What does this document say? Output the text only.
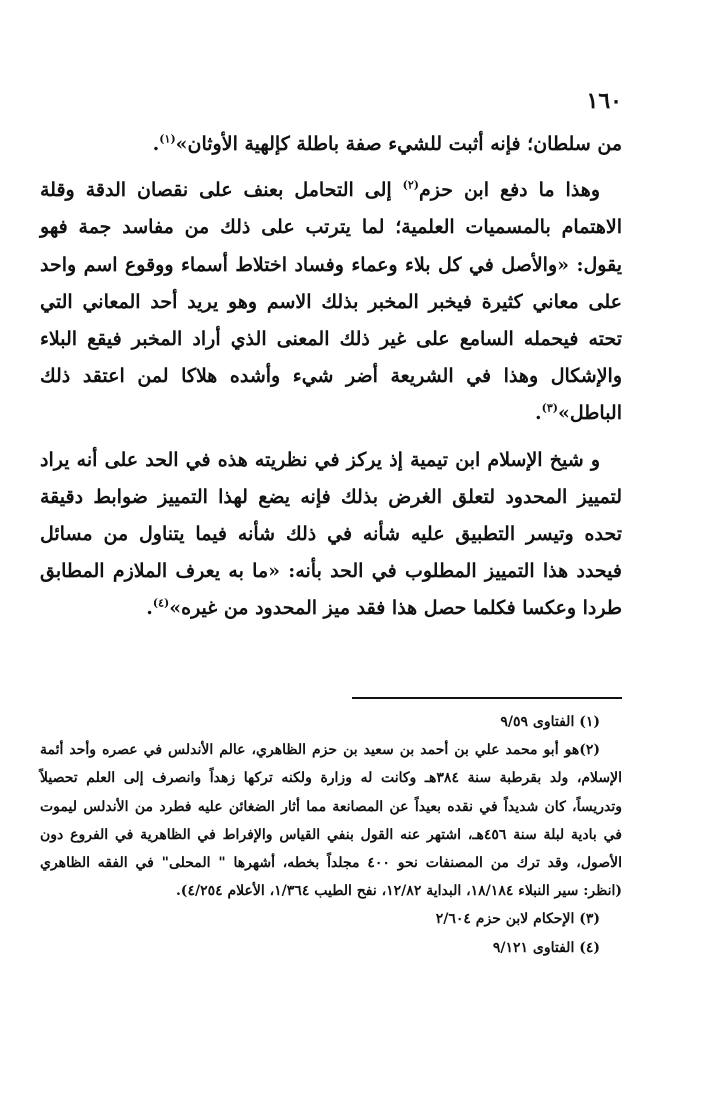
١٦٠

من سلطان؛ فإنه أثبت للشيء صفة باطلة كإلهية الأوثان»$^{(١)}$.

وهذا ما دفع ابن حزم$^{(٢)}$ إلى التحامل بعنف على نقصان الدقة وقلة الاهتمام بالمسميات العلمية؛ لما يترتب على ذلك من مفاسد جمة فهو يقول: «والأصل في كل بلاء وعماء وفساد اختلاط أسماء ووقوع اسم واحد على معاني كثيرة فيخبر المخبر بذلك الاسم وهو يريد أحد المعاني التي تحته فيحمله السامع على غير ذلك المعنى الذي أراد المخبر فيقع البلاء والإشكال وهذا في الشريعة أضر شيء وأشده هلاكا لمن اعتقد ذلك الباطل»$^{(٣)}$.

و شيخ الإسلام ابن تيمية إذ يركز في نظريته هذه في الحد على أنه يراد لتمييز المحدود لتعلق الغرض بذلك فإنه يضع لهذا التمييز ضوابط دقيقة تحده وتيسر التطبيق عليه شأنه في ذلك شأنه فيما يتناول من مسائل فيحدد هذا التمييز المطلوب في الحد بأنه: «ما به يعرف الملازم المطابق طردا وعكسا فكلما حصل هذا فقد ميز المحدود من غيره»$^{(٤)}$.

(١) الفتاوى ٩/٥٩

(٢)هو أبو محمد علي بن أحمد بن سعيد بن حزم الظاهري، عالم الأندلس في عصره وأحد أئمة الإسلام، ولد بقرطبة سنة ٣٨٤هـ وكانت له وزارة ولكنه تركها زهداً وانصرف إلى العلم تحصيلاً وتدريساً، كان شديداً في نقده بعيداً عن المصانعة مما أثار الضغائن عليه فطرد من الأندلس ليموت في بادية لبلة سنة ٤٥٦هـ، اشتهر عنه القول بنفي القياس والإفراط في الظاهرية في الفروع دون الأصول، وقد ترك من المصنفات نحو ٤٠٠ مجلداً بخطه، أشهرها " المحلى" في الفقه الظاهري (انظر: سير النبلاء ١٨/١٨٤، البداية ١٢/٨٢، نفح الطيب ١/٣٦٤، الأعلام ٤/٢٥٤).

(٣) الإحكام لابن حزم ٢/٦٠٤

(٤) الفتاوى ٩/١٢١
